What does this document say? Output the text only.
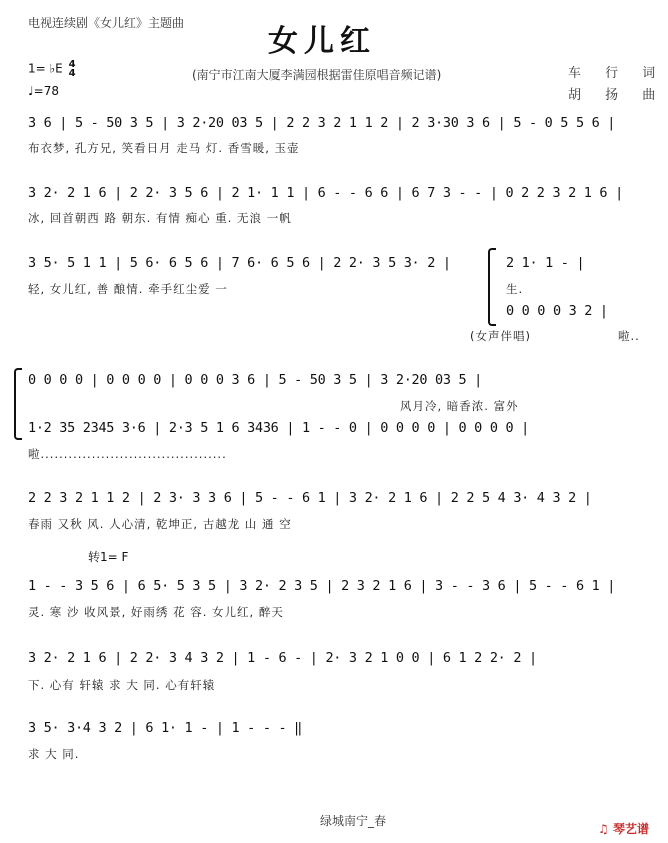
电视连续剧《女儿红》主题曲
女儿红
1= ♭E 4
4
♩=78
(南宁市江南大厦李满园根据雷佳原唱音频记谱)	车 行 词
胡 扬 曲
3 6 | 5 - 50 3 5 | 3 2·20 03 5 | 2 2 3 2 1 1 2 | 2 3·30 3 6 | 5 - 0 5 5 6 |
布衣梦, 孔方兄, 笑看日月 走马 灯. 香雪暖, 玉壶
3 2· 2 1 6 | 2 2· 3 5 6 | 2 1· 1 1 | 6 - - 6 6 | 6 7 3 - - | 0 2 2 3 2 1 6 |
冰, 回首朝西 路 朝东. 有情 痴心 重. 无浪 一帆
3 5· 5 1 1 | 5 6· 6 5 6 | 7 6· 6 5 6 | 2 2· 3 5 3· 2 |
轻, 女儿红, 善 酿情. 牵手红尘爱 一
2 1· 1 - |
生.
0 0 0 0 3 2 |
(女声伴唱)	啦..
0 0 0 0 | 0 0 0 0 | 0 0 0 3 6 | 5 - 50 3 5 | 3 2·20 03 5 |
风月冷, 暗香浓. 富外
1·2 35 2345 3·6 | 2·3 5 1 6 3436 | 1 - - 0 | 0 0 0 0 | 0 0 0 0 |
啦........................................
2 2 3 2 1 1 2 | 2 3· 3 3 6 | 5 - - 6 1 | 3 2· 2 1 6 | 2 2 5 4 3· 4 3 2 |
春雨 又秋 风. 人心清, 乾坤正, 古越龙 山 通 空
转1= F
1 - - 3 5 6 | 6 5· 5 3 5 | 3 2· 2 3 5 | 2 3 2 1 6 | 3 - - 3 6 | 5 - - 6 1 |
灵. 寒 沙 收风景, 好雨绣 花 容. 女儿红, 醉天
3 2· 2 1 6 | 2 2· 3 4 3 2 | 1 - 6 - | 2· 3 2 1 0 0 | 6 1 2 2· 2 |
下. 心有 轩辕 求 大 同. 心有轩辕
3 5· 3·4 3 2 | 6 1· 1 - | 1 - - - ‖
求 大 同.
绿城南宁_春
♫ 琴艺谱
